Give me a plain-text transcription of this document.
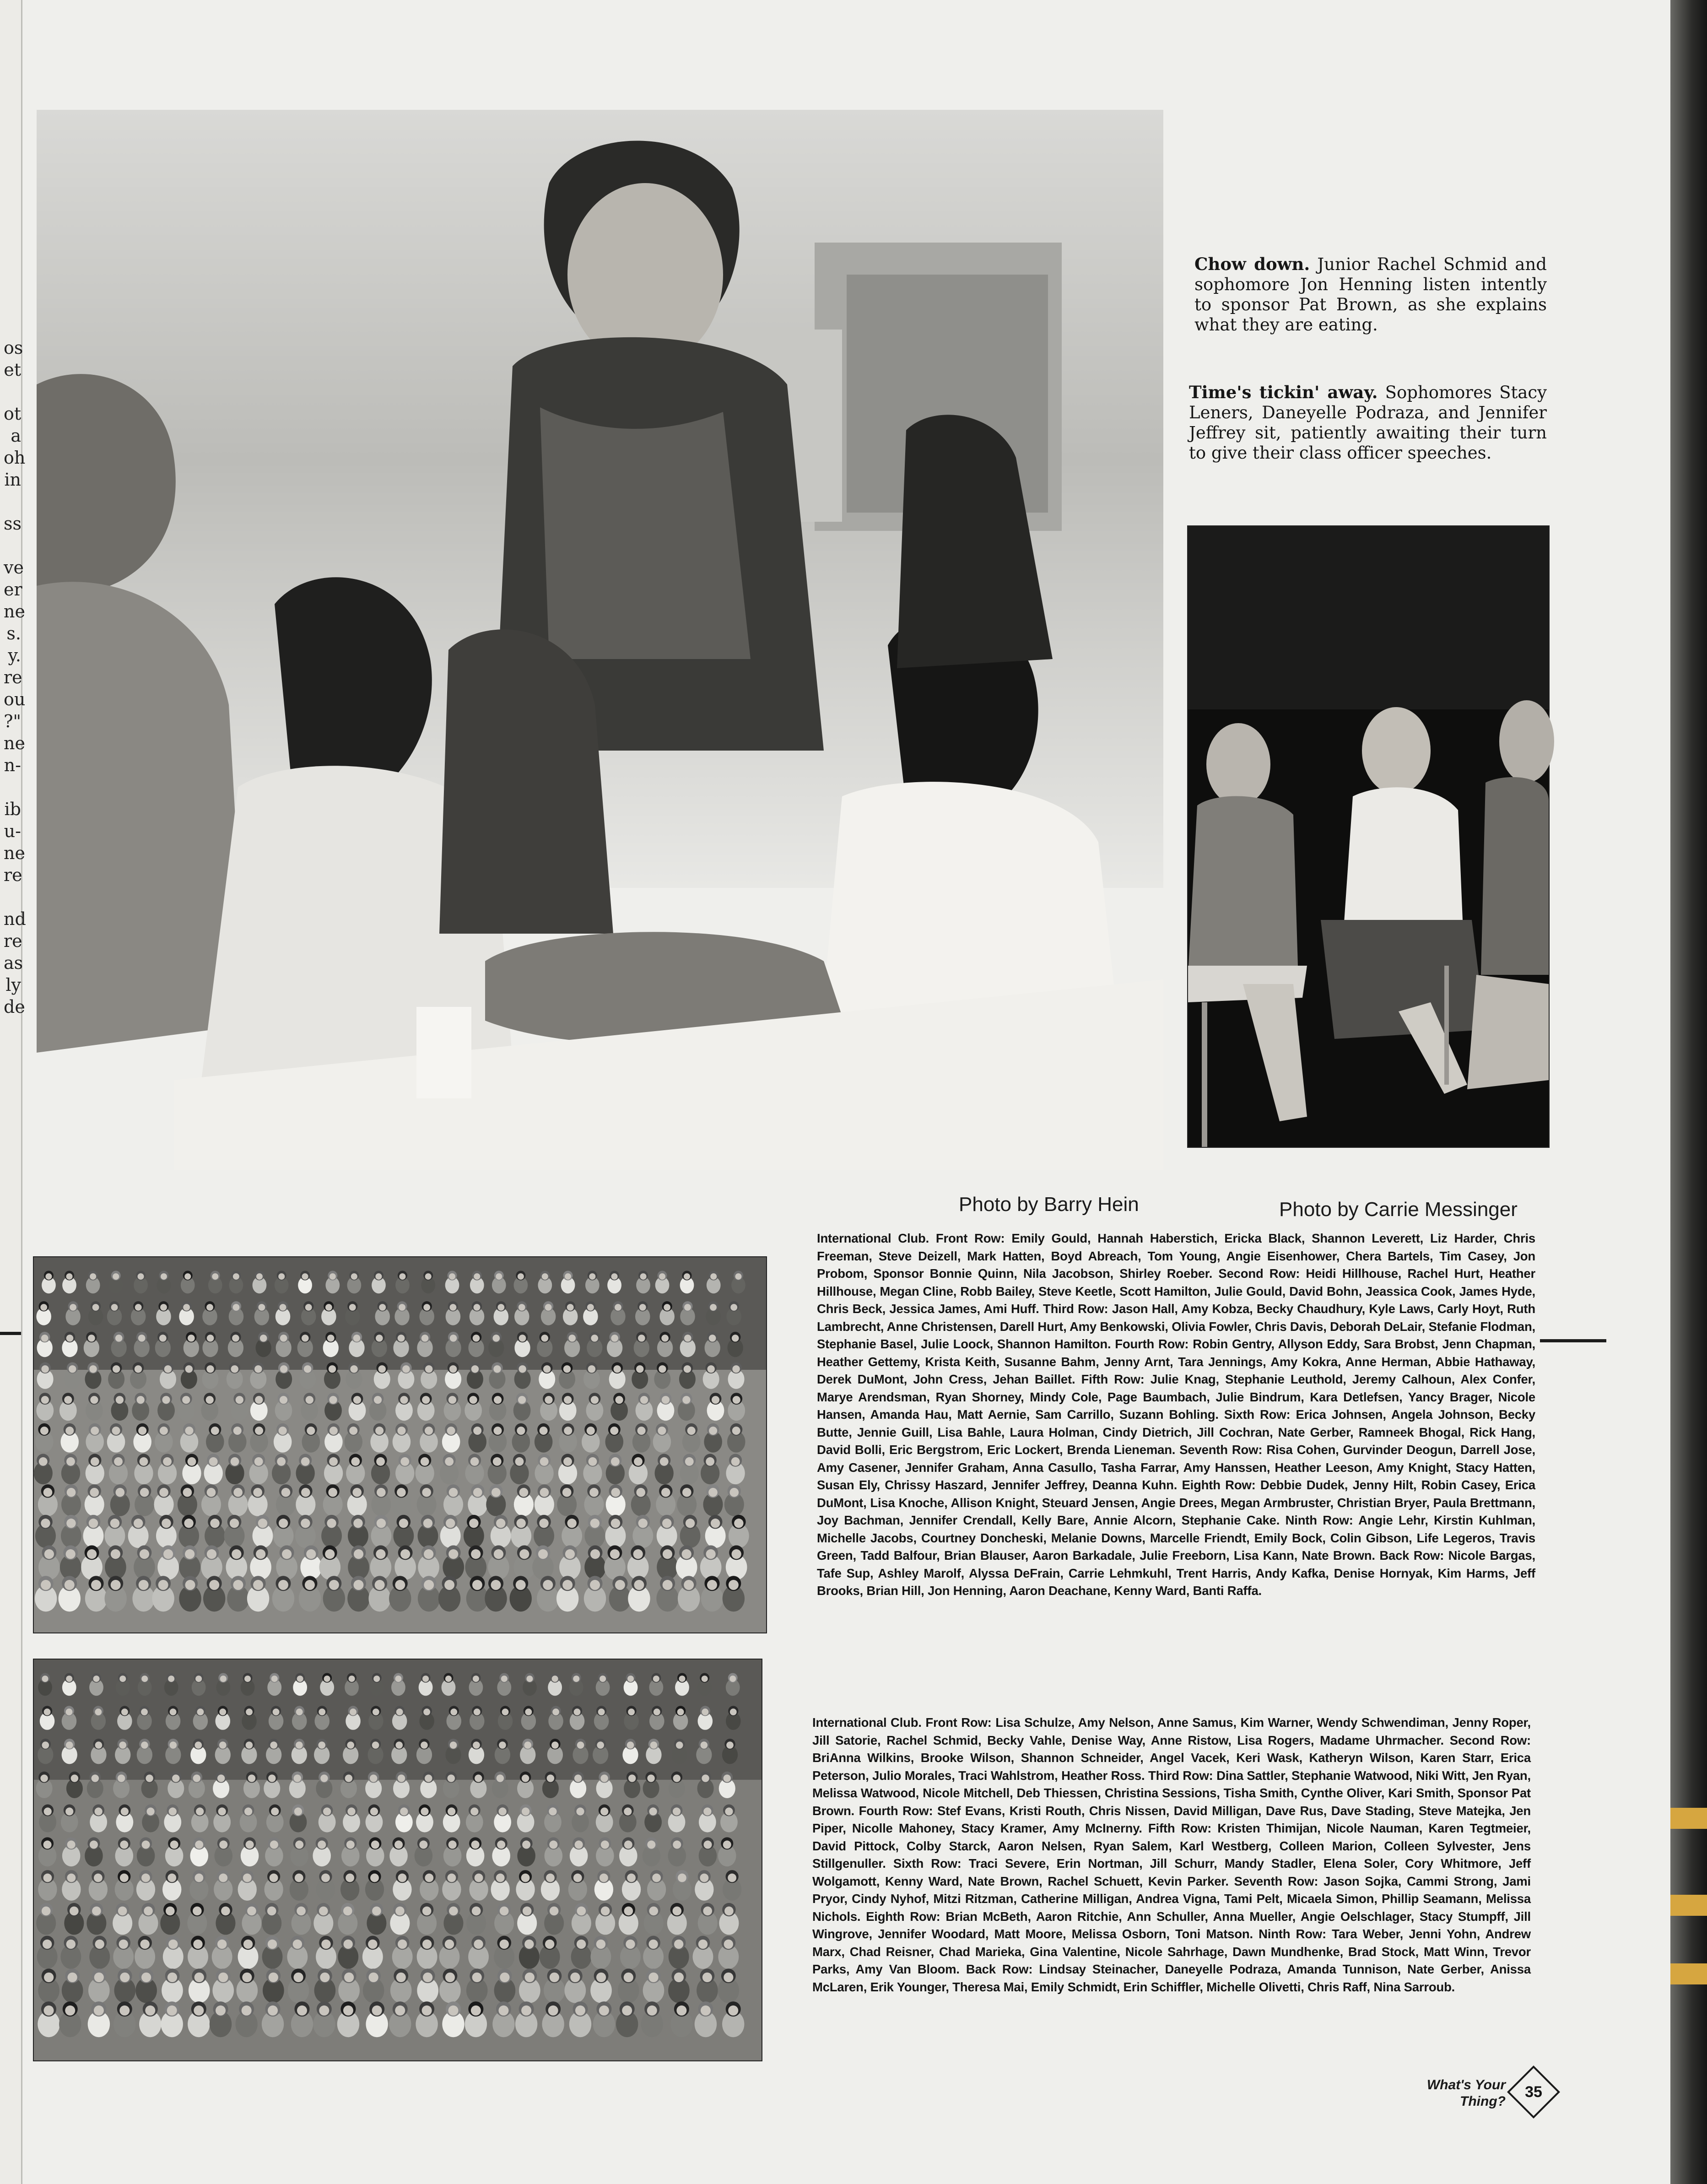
os
et
ot
a
oh
in
ss
ve
er
ne
s.
y.
re
ou
?"
ne
n-
ib
u-
ne
re
nd
re
as
ly
de
Chow down. Junior Rachel Schmid and sophomore Jon Henning listen intently to sponsor Pat Brown, as she explains what they are eating.
Time's tickin' away. Sophomores Stacy Leners, Daneyelle Podraza, and Jennifer Jeffrey sit, patiently awaiting their turn to give their class officer speeches.
Photo by Barry Hein	Photo by Carrie Messinger
International Club. Front Row: Emily Gould, Hannah Haberstich, Ericka Black, Shannon Leverett, Liz Harder, Chris Freeman, Steve Deizell, Mark Hatten, Boyd Abreach, Tom Young, Angie Eisenhower, Chera Bartels, Tim Casey, Jon Probom, Sponsor Bonnie Quinn, Nila Jacobson, Shirley Roeber. Second Row: Heidi Hillhouse, Rachel Hurt, Heather Hillhouse, Megan Cline, Robb Bailey, Steve Keetle, Scott Hamilton, Julie Gould, David Bohn, Jeassica Cook, James Hyde, Chris Beck, Jessica James, Ami Huff. Third Row: Jason Hall, Amy Kobza, Becky Chaudhury, Kyle Laws, Carly Hoyt, Ruth Lambrecht, Anne Christensen, Darell Hurt, Amy Benkowski, Olivia Fowler, Chris Davis, Deborah DeLair, Stefanie Flodman, Stephanie Basel, Julie Loock, Shannon Hamilton. Fourth Row: Robin Gentry, Allyson Eddy, Sara Brobst, Jenn Chapman, Heather Gettemy, Krista Keith, Susanne Bahm, Jenny Arnt, Tara Jennings, Amy Kokra, Anne Herman, Abbie Hathaway, Derek DuMont, John Cress, Jehan Baillet. Fifth Row: Julie Knag, Stephanie Leuthold, Jeremy Calhoun, Alex Confer, Marye Arendsman, Ryan Shorney, Mindy Cole, Page Baumbach, Julie Bindrum, Kara Detlefsen, Yancy Brager, Nicole Hansen, Amanda Hau, Matt Aernie, Sam Carrillo, Suzann Bohling. Sixth Row: Erica Johnsen, Angela Johnson, Becky Butte, Jennie Guill, Lisa Bahle, Laura Holman, Cindy Dietrich, Jill Cochran, Nate Gerber, Ramneek Bhogal, Rick Hang, David Bolli, Eric Bergstrom, Eric Lockert, Brenda Lieneman. Seventh Row: Risa Cohen, Gurvinder Deogun, Darrell Jose, Amy Casener, Jennifer Graham, Anna Casullo, Tasha Farrar, Amy Hanssen, Heather Leeson, Amy Knight, Stacy Hatten, Susan Ely, Chrissy Haszard, Jennifer Jeffrey, Deanna Kuhn. Eighth Row: Debbie Dudek, Jenny Hilt, Robin Casey, Erica DuMont, Lisa Knoche, Allison Knight, Steuard Jensen, Angie Drees, Megan Armbruster, Christian Bryer, Paula Brettmann, Joy Bachman, Jennifer Crendall, Kelly Bare, Annie Alcorn, Stephanie Cake. Ninth Row: Angie Lehr, Kirstin Kuhlman, Michelle Jacobs, Courtney Doncheski, Melanie Downs, Marcelle Friendt, Emily Bock, Colin Gibson, Life Legeros, Travis Green, Tadd Balfour, Brian Blauser, Aaron Barkadale, Julie Freeborn, Lisa Kann, Nate Brown. Back Row: Nicole Bargas, Tafe Sup, Ashley Marolf, Alyssa DeFrain, Carrie Lehmkuhl, Trent Harris, Andy Kafka, Denise Hornyak, Kim Harms, Jeff Brooks, Brian Hill, Jon Henning, Aaron Deachane, Kenny Ward, Banti Raffa.
International Club. Front Row: Lisa Schulze, Amy Nelson, Anne Samus, Kim Warner, Wendy Schwendiman, Jenny Roper, Jill Satorie, Rachel Schmid, Becky Vahle, Denise Way, Anne Ristow, Lisa Rogers, Madame Uhrmacher. Second Row: BriAnna Wilkins, Brooke Wilson, Shannon Schneider, Angel Vacek, Keri Wask, Katheryn Wilson, Karen Starr, Erica Peterson, Julio Morales, Traci Wahlstrom, Heather Ross. Third Row: Dina Sattler, Stephanie Watwood, Niki Witt, Jen Ryan, Melissa Watwood, Nicole Mitchell, Deb Thiessen, Christina Sessions, Tisha Smith, Cynthe Oliver, Kari Smith, Sponsor Pat Brown. Fourth Row: Stef Evans, Kristi Routh, Chris Nissen, David Milligan, Dave Rus, Dave Stading, Steve Matejka, Jen Piper, Nicolle Mahoney, Stacy Kramer, Amy McInerny. Fifth Row: Kristen Thimijan, Nicole Nauman, Karen Tegtmeier, David Pittock, Colby Starck, Aaron Nelsen, Ryan Salem, Karl Westberg, Colleen Marion, Colleen Sylvester, Jens Stillgenuller. Sixth Row: Traci Severe, Erin Nortman, Jill Schurr, Mandy Stadler, Elena Soler, Cory Whitmore, Jeff Wolgamott, Kenny Ward, Nate Brown, Rachel Schuett, Kevin Parker. Seventh Row: Jason Sojka, Cammi Strong, Jami Pryor, Cindy Nyhof, Mitzi Ritzman, Catherine Milligan, Andrea Vigna, Tami Pelt, Micaela Simon, Phillip Seamann, Melissa Nichols. Eighth Row: Brian McBeth, Aaron Ritchie, Ann Schuller, Anna Mueller, Angie Oelschlager, Stacy Stumpff, Jill Wingrove, Jennifer Woodard, Matt Moore, Melissa Osborn, Toni Matson. Ninth Row: Tara Weber, Jenni Yohn, Andrew Marx, Chad Reisner, Chad Marieka, Gina Valentine, Nicole Sahrhage, Dawn Mundhenke, Brad Stock, Matt Winn, Trevor Parks, Amy Van Bloom. Back Row: Lindsay Steinacher, Daneyelle Podraza, Amanda Tunnison, Nate Gerber, Anissa McLaren, Erik Younger, Theresa Mai, Emily Schmidt, Erin Schiffler, Michelle Olivetti, Chris Raff, Nina Sarroub.
What's Your
Thing?
35
